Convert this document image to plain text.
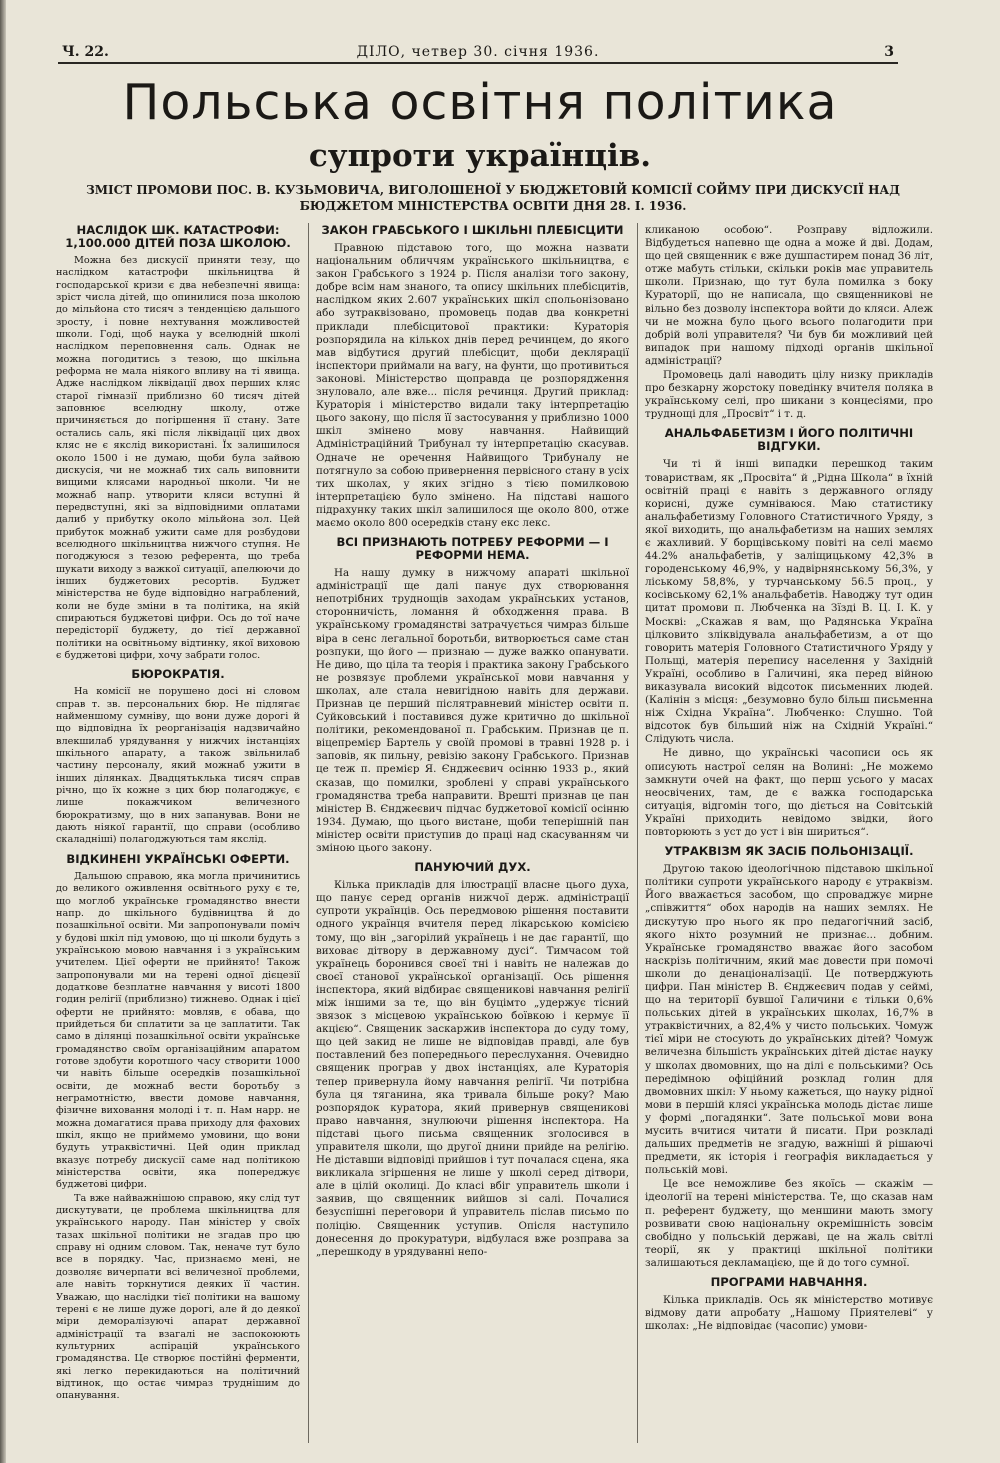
Ч. 22.	ДІЛО, четвер 30. січня 1936.	3
Польська освітня політика
супроти українців.
ЗМІСТ ПРОМОВИ ПОС. В. КУЗЬМОВИЧА, ВИГОЛОШЕНОЇ У БЮДЖЕТОВІЙ КОМІСІЇ СОЙМУ ПРИ ДИСКУСІЇ НАД БЮДЖЕТОМ МІНІСТЕРСТВА ОСВІТИ ДНЯ 28. І. 1936.
НАСЛІДОК ШК. КАТАСТРОФИ: 1,100.000 ДІТЕЙ ПОЗА ШКОЛОЮ.

Можна без дискусії приняти тезу, що наслідком катастрофи шкільництва й господарської кризи є два небезпечні явища: зріст числа дітей, що опинилися поза школою до мільйона сто тисяч з тенденцією дальшого зросту, і повне нехтування можливостей школи. Годі, щоб наука у вселюдній школі наслідком переповнення саль. Однак не можна погодитись з тезою, що шкільна реформа не мала ніякого впливу на ті явища. Адже наслідком ліквідації двох перших кляс старої гімназії приблизно 60 тисяч дітей заповнює вселюдну школу, отже причиняється до погіршення її стану. Зате остались саль, які після ліквідації цих двох кляс не є якслід використані. Їх залишилося около 1500 і не думаю, щоби була зайвою дискусія, чи не можнаб тих саль виповнити вищими клясами народньої школи. Чи не можнаб напр. утворити кляси вступні й передвступні, які за відповідними оплатами далиб у прибутку около мільйона зол. Цей прибуток можнаб ужити саме для розбудови вселюдного шкільництва нижчого ступня. Не погоджуюся з тезою референта, що треба шукати виходу з важкої ситуації, апелюючи до інших буджетових ресортів. Буджет міністерства не буде відповідно награблений, коли не буде зміни в та політика, на якій спираються буджетові цифри. Ось до тої наче передісторії буджету, до тієї державної політики на освітньому відтинку, якої виховою є буджетові цифри, хочу забрати голос.

БЮРОКРАТІЯ.

На комісії не порушено досі ні словом справ т. зв. персональних бюр. Не підлягає найменшому сумніву, що вони дуже дорогі й що відповідна їх реорганізація надзвичайно влекшилаб урядування у нижчих інстанціях шкільного апарату, а також звільнилаб частину персоналу, який можнаб ужити в інших ділянках. Двадцятьклька тисяч справ річно, що їх кожне з цих бюр полагоджує, є лише покажчиком величезного бюрократизму, що в них запанував. Вони не дають ніякої гарантії, що справи (особливо скаладніші) полагоджуються там якслід.

ВІДКИНЕНІ УКРАЇНСЬКІ ОФЕРТИ.

Дальшою справою, яка могла причинитись до великого оживлення освітнього руху є те, що моглоб українське громадянство внести напр. до шкільного будівництва й до позашкільної освіти. Ми запропонували поміч у будові шкіл під умовою, що ці школи будуть з українською мовою навчання і з українським учителем. Цієї оферти не прийнято! Також запропонували ми на терені одної дієцезії додаткове безплатне навчання у висоті 1800 годин релігії (приблизно) тижнево. Однак і цієї оферти не прийнято: мовляв, є обава, що прийдеться би сплатити за це заплатити. Так само в ділянці позашкільної освіти українське громадянство своїм організаційним апаратом готове здобути коротшого часу створити 1000 чи навіть більше осередків позашкільної освіти, де можнаб вести боротьбу з неграмотністю, ввести домове навчання, фізичне виховання молоді і т. п. Нам нарр. не можна домагатися права приходу для фахових шкіл, якщо не приймемо умовини, що вони будуть утраквістичні. Цей один приклад вказує потребу дискусії саме над політикою міністерства освіти, яка попереджує буджетові цифри.

Та вже найважнішою справою, яку слід тут дискутувати, це проблема шкільництва для українського народу. Пан міністер у своїх тазах шкільної політики не згадав про цю справу ні одним словом. Так, неначе тут було все в порядку. Час, признаємо мені, не дозволяє вичерпати всі величезної проблеми, але навіть торкнутися деяких її частин. Уважаю, що наслідки тієї політики на вашому терені є не лише дуже дорогі, але й до деякої міри деморалізуючі апарат державної адміністрації та взагалі не заспокоюють культурних аспірацій українського громадянства. Це створює постійні ферменти, які легко перекидаються на політичний відтинок, що остає чимраз труднішим до опанування.

ЗАКОН ГРАБСЬКОГО І ШКІЛЬНІ ПЛЕБІСЦИТИ

Правною підставою того, що можна назвати національним обличчям українського шкільництва, є закон Грабського з 1924 р. Після аналізи того закону, добре всім нам знаного, та опису шкільних плебісцитів, наслідком яких 2.607 українських шкіл спольонізовано або зутраквізовано, промовець подав два конкретні приклади плебісцитової практики: Кураторія розпорядила на кількох днів перед речинцем, до якого мав відбутися другий плебісцит, щоби деклярації інспектори приймали на вагу, на фунти, що противиться законові. Міністерство щоправда це розпорядження знуловало, але вже... після речинця. Другий приклад: Кураторія і міністерство видали таку інтерпретацію цього закону, що після її застосування у приблизно 1000 шкіл змінено мову навчання. Найвищий Адміністраційний Трибунал ту інтерпретацію скасував. Одначе не оречення Найвищого Трибуналу не потягнуло за собою привернення первісного стану в усіх тих школах, у яких згідно з тією помилковою інтерпретацією було змінено. На підставі нашого підрахунку таких шкіл залишилося ще около 800, отже маємо около 800 осередків стану екс лекс.

ВСІ ПРИЗНАЮТЬ ПОТРЕБУ РЕФОРМИ — І РЕФОРМИ НЕМА.

На нашу думку в нижчому апараті шкільної адміністрації ще далі панує дух створювання непотрібних труднощів заходам українських установ, сторонничість, ломання й обходження права. В українському громадянстві затрачується чимраз більше віра в сенс легальної боротьби, витворюється саме стан розпуки, що його — признаю — дуже важко опанувати. Не диво, що ціла та теорія і практика закону Грабського не розвязує проблеми української мови навчання у школах, але стала невигідною навіть для держави. Признав це перший післятравневий міністер освіти п. Суйковський і поставився дуже критично до шкільної політики, рекомендованої п. Грабським. Признав це п. віцепремієр Бартель у своїй промові в травні 1928 р. і заповів, як пильну, ревізію закону Грабського. Признав це теж п. премієр Я. Єнджеєвич осінню 1933 р., який сказав, що помилки, зроблені у справі українського громадянства треба направити. Врешті признав це пан міністер В. Єнджеєвич підчас буджетової комісії осінню 1934. Думаю, що цього вистане, щоби теперішній пан міністер освіти приступив до праці над скасуванням чи зміною цього закону.

ПАНУЮЧИЙ ДУХ.

Кілька прикладів для ілюстрації власне цього духа, що панує серед органів нижчої держ. адміністрації супроти українців. Ось передмовою рішення поставити одного українця вчителя перед лікарською комісією тому, що він „загорілий українець і не дає гарантії, що виховає дітвору в державному дусі“. Тимчасом той українець боронився своєї тні і навіть не належав до своєї станової української організації. Ось рішення інспектора, який відбирає священикові навчання релігії між іншими за те, що він буцімто „удержує тісний звязок з місцевою українською боївкою і кермує її акцією“. Священик заскаржив інспектора до суду тому, що цей закид не лише не відповідав правді, але був поставлений без попереднього переслухання. Очевидно священик програв у двох інстанціях, але Кураторія тепер привернула йому навчання релігії. Чи потрібна була ця тяганина, яка тривала більше року? Маю розпорядок куратора, який привернув священикові право навчання, знулюючи рішення інспектора. На підставі цього письма священник зголосився в управителя школи, що другої днини прийде на релігію. Не діставши відповіді прийшов і тут почалася сцена, яка викликала згіршення не лише у школі серед дітвори, але в цілій околиці. До класі вбіг управитель школи і заявив, що священник вийшов зі салі. Почалися безуспішні переговори й управитель післав письмо по поліцію. Священник уступив. Опісля наступило донесення до прокуратури, відбулася вже розправа за „перешкоду в урядуванні непо-

кликаною особою“. Розправу відложили. Відбудеться напевно ще одна а може й дві. Додам, що цей священник є вже душпастирем понад 36 літ, отже мабуть стільки, скільки років має управитель школи. Признаю, що тут була помилка з боку Кураторії, що не написала, що священникові не вільно без дозволу інспектора войти до кляси. Алеж чи не можна було цього всього полагодити при добрій волі управителя? Чи був би можливий цей випадок при нашому підході органів шкільної адміністрації?

Промовець далі наводить цілу низку прикладів про безкарну жорстоку поведінку вчителя поляка в українському селі, про шикани з концесіями, про труднощі для „Просвіт“ і т. д.

АНАЛЬФАБЕТИЗМ І ЙОГО ПОЛІТИЧНІ ВІДГУКИ.

Чи ті й інші випадки перешкод таким товариствам, як „Просвіта“ й „Рідна Школа“ в їхній освітній праці є навіть з державного огляду корисні, дуже сумніваюся. Маю статистику анальфабетизму Головного Статистичного Уряду, з якої виходить, що анальфабетизм на наших землях є жахливий. У борщівському повіті на селі маємо 44.2% анальфабетів, у заліщицькому 42,3% в городенському 46,9%, у надвірнянському 56,3%, у ліському 58,8%, у турчанському 56.5 проц., у косівському 62,1% анальфабетів. Наводжу тут один цитат промови п. Любченка на Зїзді В. Ц. І. К. у Москві: „Скажав я вам, що Радянська Україна цілковито зліквідувала анальфабетизм, а от що говорить матерія Головного Статистичного Уряду у Польщі, матерія перепису населення у Західній Україні, особливо в Галичині, яка перед війною виказувала високий відсоток письменних людей. (Калінін з місця: „безумовно було більш письменна ніж Східна Україна“. Любченко: Слушно. Той відсоток був більший ніж на Східній Україні.“ Слідують числа.

Не дивно, що українські часописи ось як описують настрої селян на Волині: „Не можемо замкнути очей на факт, що перш усього у масах неосвічених, там, де є важка господарська ситуація, відгомін того, що діється на Совітській Україні приходить невідомо звідки, його повторюють з уст до уст і він шириться“.

УТРАКВІЗМ ЯК ЗАСІБ ПОЛЬОНІЗАЦІЇ.

Другою такою ідеологічною підставою шкільної політики супроти українського народу є утраквізм. Його вважається засобом, що спроваджує мирне „співжиття“ обох народів на наших землях. Не дискутую про нього як про педагогічний засіб, якого ніхто розумний не признає... добним. Українське громадянство вважає його засобом наскрізь політичним, який має довести при помочі школи до денаціоналізації. Це потверджують цифри. Пан міністер В. Єнджеєвич подав у сеймі, що на території бувшої Галичини є тільки 0,6% польських дітей в українських школах, 16,7% в утраквістичних, а 82,4% у чисто польських. Чомуж тієї міри не стосують до українських дітей? Чомуж величезна більшість українських дітей дістає науку у школах двомовних, що на ділі є польськими? Ось передімною офіційний розклад голин для двомовних шкіл: У ньому кажеться, що науку рідної мови в першій клясі українська молодь дістає лише у формі „погадянки“. Зате польської мови вона мусить вчитися читати й писати. При розкладі дальших предметів не згадую, важніші й рішаючі предмети, як історія і географія викладається у польській мові.

Це все неможливе без якоїсь — скажім — ідеології на терені міністерства. Те, що сказав нам п. референт буджету, що меншини мають змогу розвивати свою національну окремішність зовсім свобідно у польській державі, це на жаль світлі теорії, як у практиці шкільної політики залишаються декламацією, ще й до того сумної.

ПРОГРАМИ НАВЧАННЯ.

Кілька прикладів. Ось як міністерство мотивує відмову дати апробату „Нашому Приятелеві“ у школах: „Не відповідає (часопис) умови-
